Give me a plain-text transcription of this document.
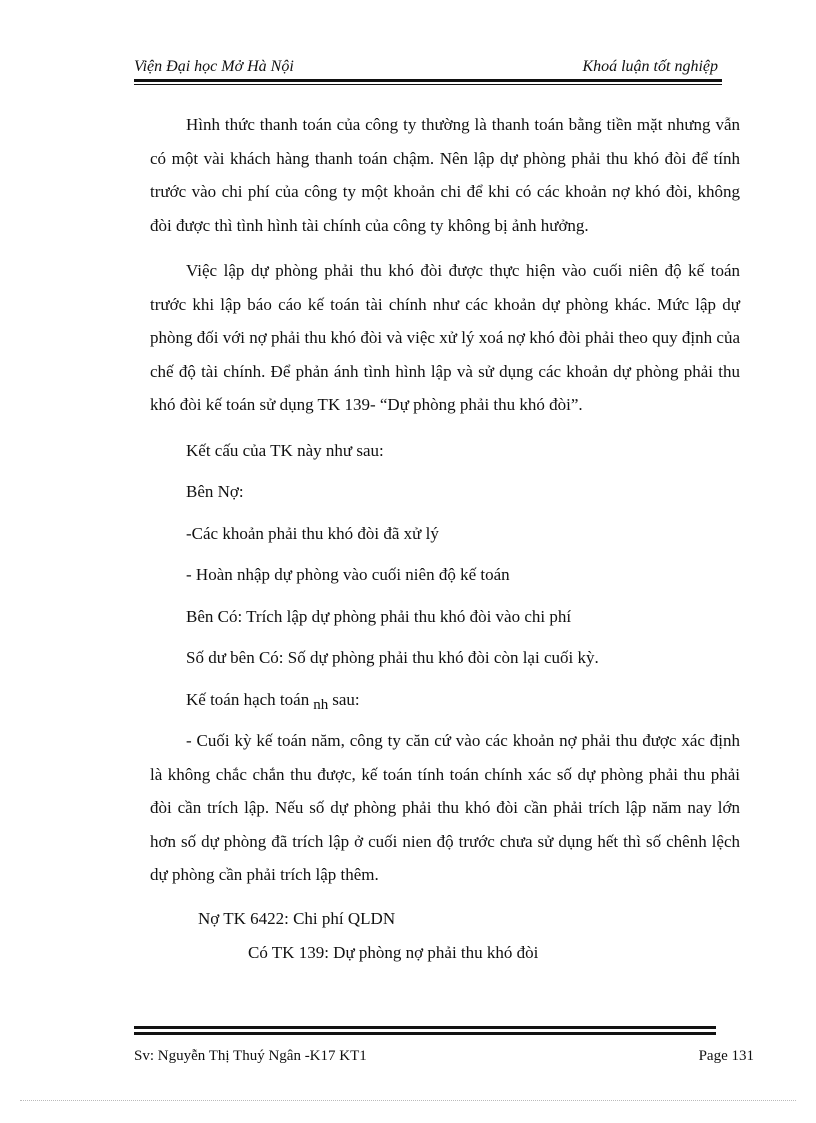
Viện Đại học Mở Hà Nội	Khoá luận tốt nghiệp

Hình thức thanh toán của công ty thường là thanh toán bằng tiền mặt nhưng vẫn có một vài khách hàng thanh toán chậm. Nên lập dự phòng phải thu khó đòi để tính trước vào chi phí của công ty một khoản chi để khi có các khoản nợ khó đòi, không đòi được thì tình hình tài chính của công ty không bị ảnh hưởng.

Việc lập dự phòng phải thu khó đòi được thực hiện vào cuối niên độ kế toán trước khi lập báo cáo kế toán tài chính như các khoản dự phòng khác. Mức lập dự phòng đối với nợ phải thu khó đòi và việc xử lý xoá nợ khó đòi phải theo quy định của chế độ tài chính. Để phản ánh tình hình lập và sử dụng các khoản dự phòng phải thu khó đòi kế toán sử dụng TK 139- “Dự phòng phải thu khó đòi”.

Kết cấu của TK này như sau:
Bên Nợ:
-Các khoản phải thu khó đòi đã xử lý
- Hoàn nhập dự phòng vào cuối niên độ kế toán
Bên Có: Trích lập dự phòng phải thu khó đòi vào chi phí
Số dư bên Có: Số dự phòng phải thu khó đòi còn lại cuối kỳ.
Kế toán hạch toán nh sau:

- Cuối kỳ kế toán năm, công ty căn cứ vào các khoản nợ phải thu được xác định là không chắc chắn thu được, kế toán tính toán chính xác số dự phòng phải thu phải đòi cần trích lập. Nếu số dự phòng phải thu khó đòi cần phải trích lập năm nay lớn hơn số dự phòng đã trích lập ở cuối nien độ trước chưa sử dụng hết thì số chênh lệch dự phòng cần phải trích lập thêm.

Nợ TK 6422: Chi phí QLDN
Có TK 139: Dự phòng nợ phải thu khó đòi
Sv: Nguyễn Thị Thuý Ngân -K17 KT1	Page 131
